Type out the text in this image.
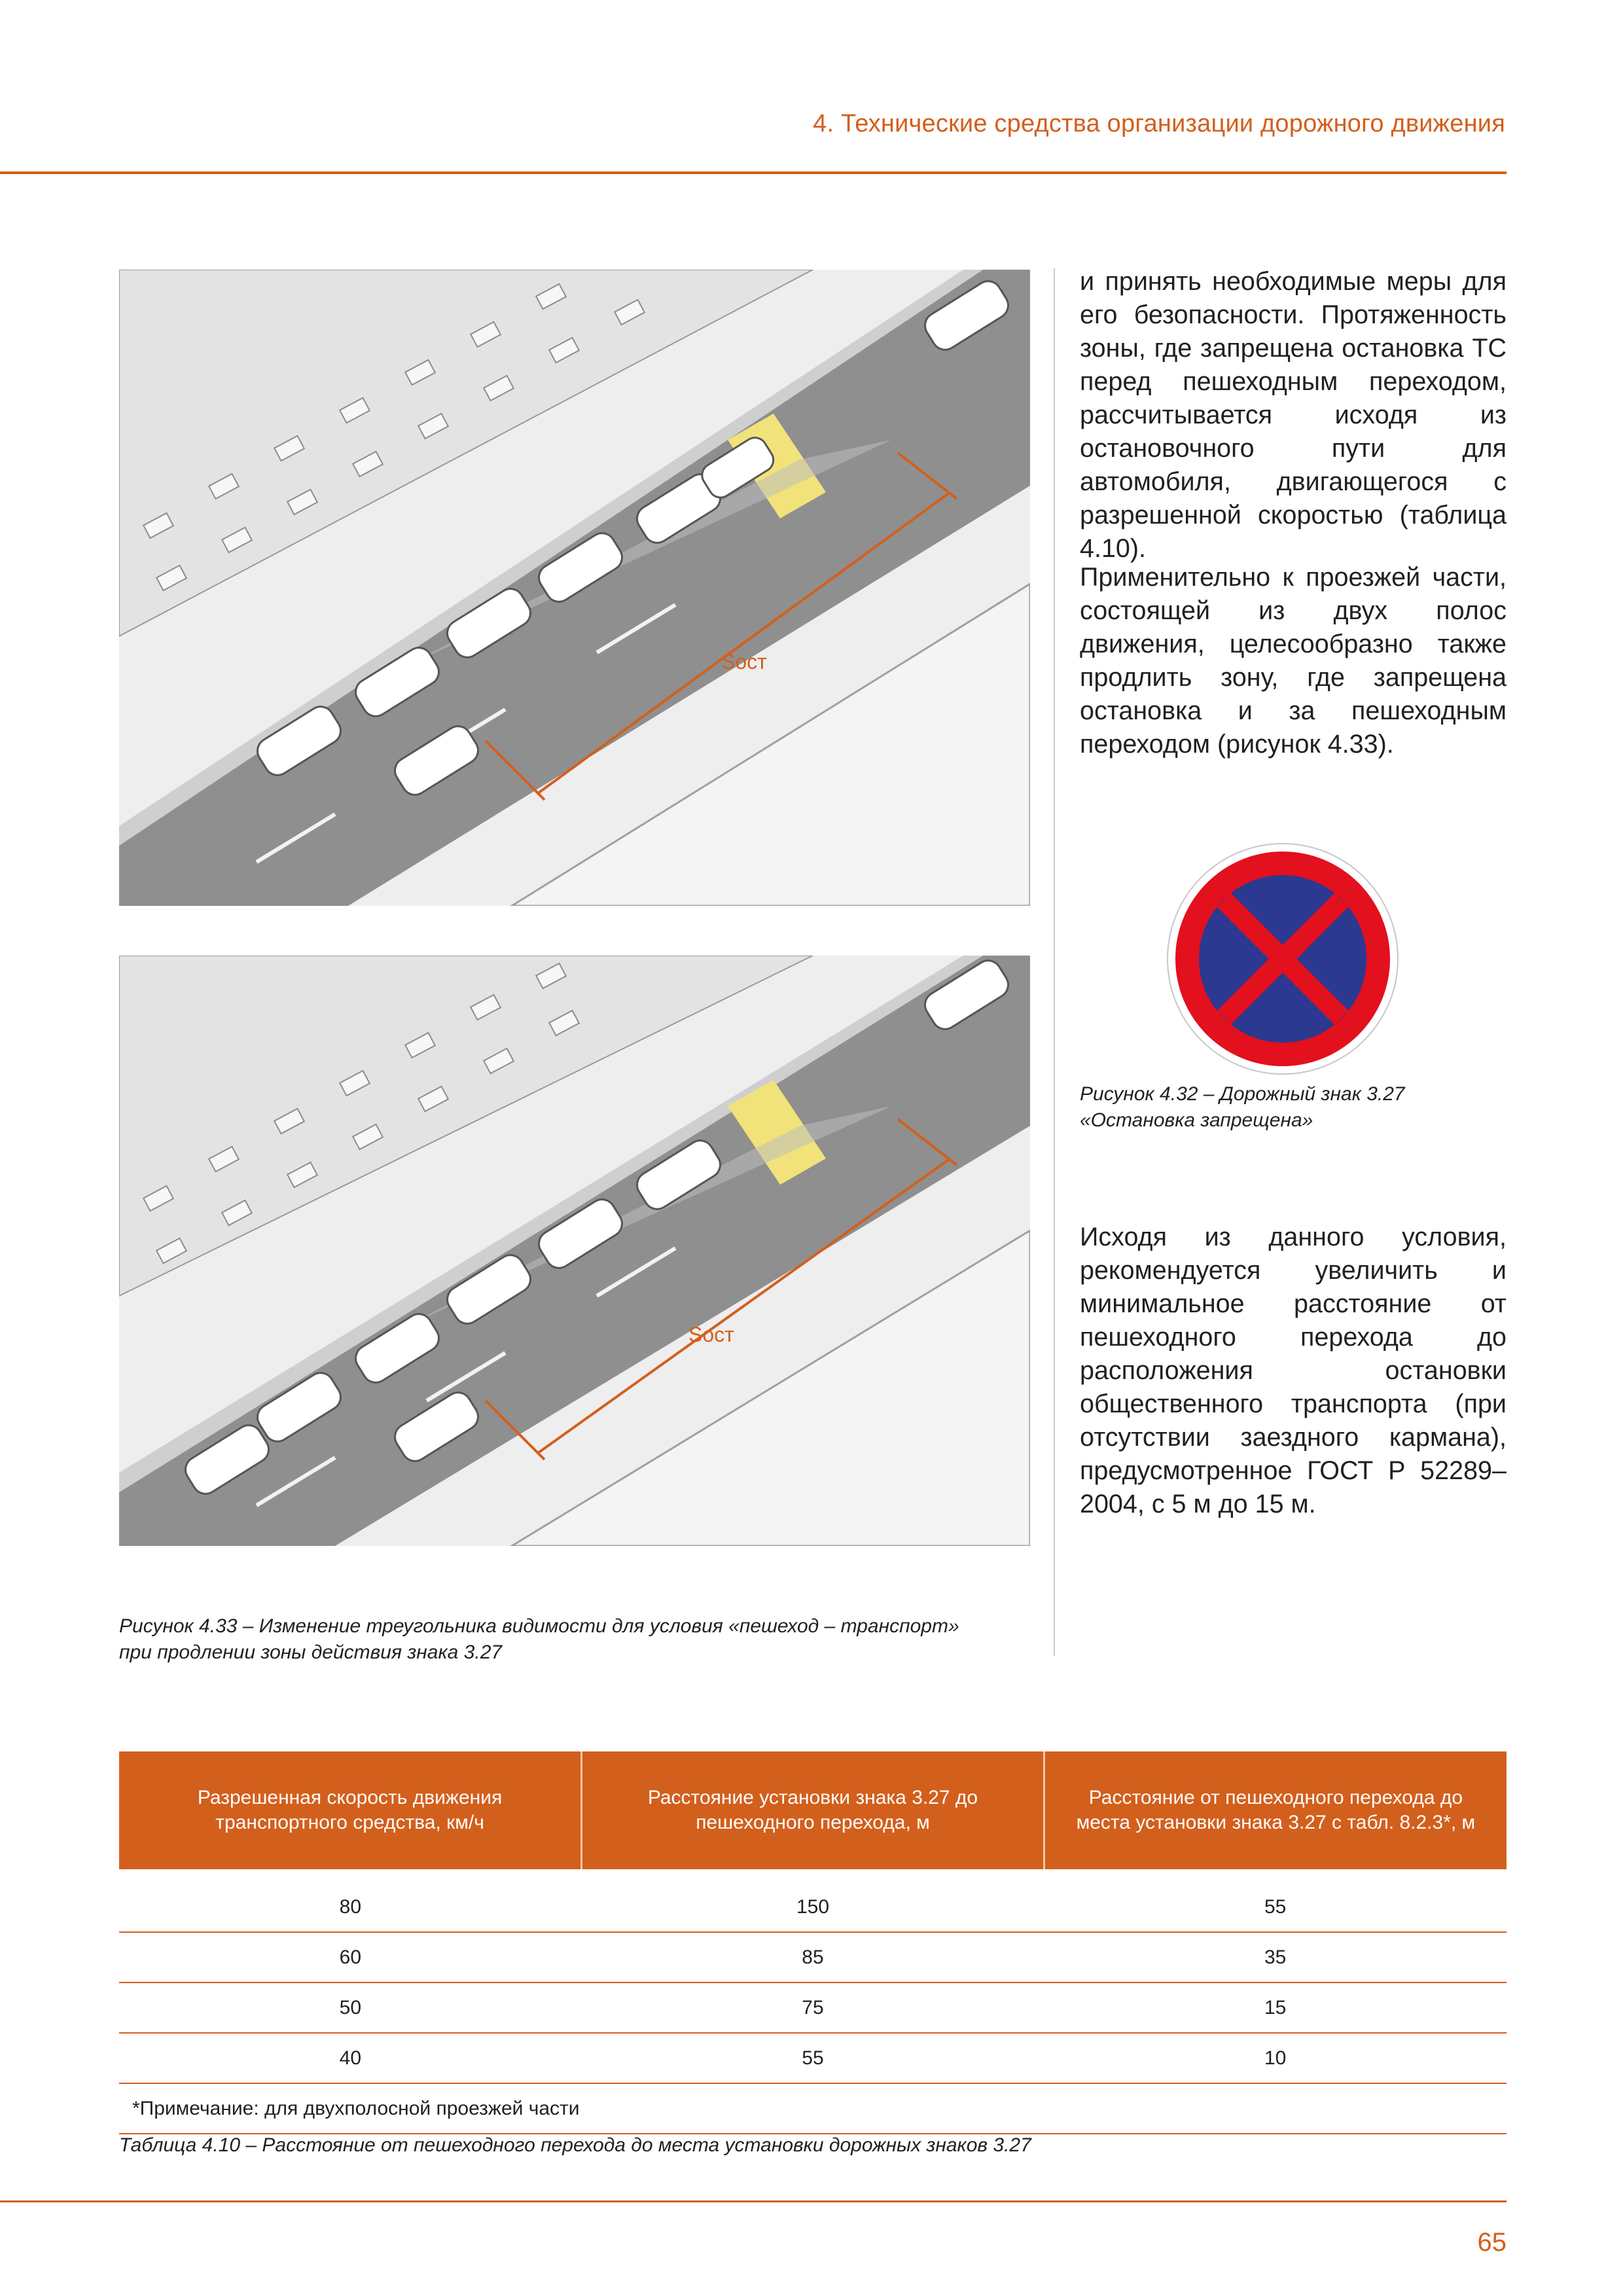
4. Технические средства организации дорожного движения
Sост
Sост
и принять необходимые меры для его безопасности. Протяженность зоны, где запрещена остановка ТС перед пешеходным переходом, рассчитывается исходя из остановочного пути для автомобиля, двигающегося с разрешенной скоростью (таблица 4.10).
Применительно к проезжей части, состоящей из двух полос движения, целесообразно также продлить зону, где запрещена остановка и за пешеходным переходом (рисунок 4.33).
Рисунок 4.32 – Дорожный знак 3.27
«Остановка запрещена»
Исходя из данного условия, рекомендуется увеличить и минимальное расстояние от пешеходного перехода до расположения остановки общественного транспорта (при отсутствии заездного кармана), предусмотренное ГОСТ Р 52289–2004, с 5 м до 15 м.
Рисунок 4.33 – Изменение треугольника видимости для условия «пешеход – транспорт»
при продлении зоны действия знака 3.27
Разрешенная скорость движения транспортного средства, км/ч	Расстояние установки знака 3.27 до пешеходного перехода, м	Расстояние от пешеходного перехода до места установки знака 3.27 с табл. 8.2.3*, м

80	150	55
60	85	35
50	75	15
40	55	10
*Примечание: для двухполосной проезжей части		
Таблица 4.10 – Расстояние от пешеходного перехода до места установки дорожных знаков 3.27
65
